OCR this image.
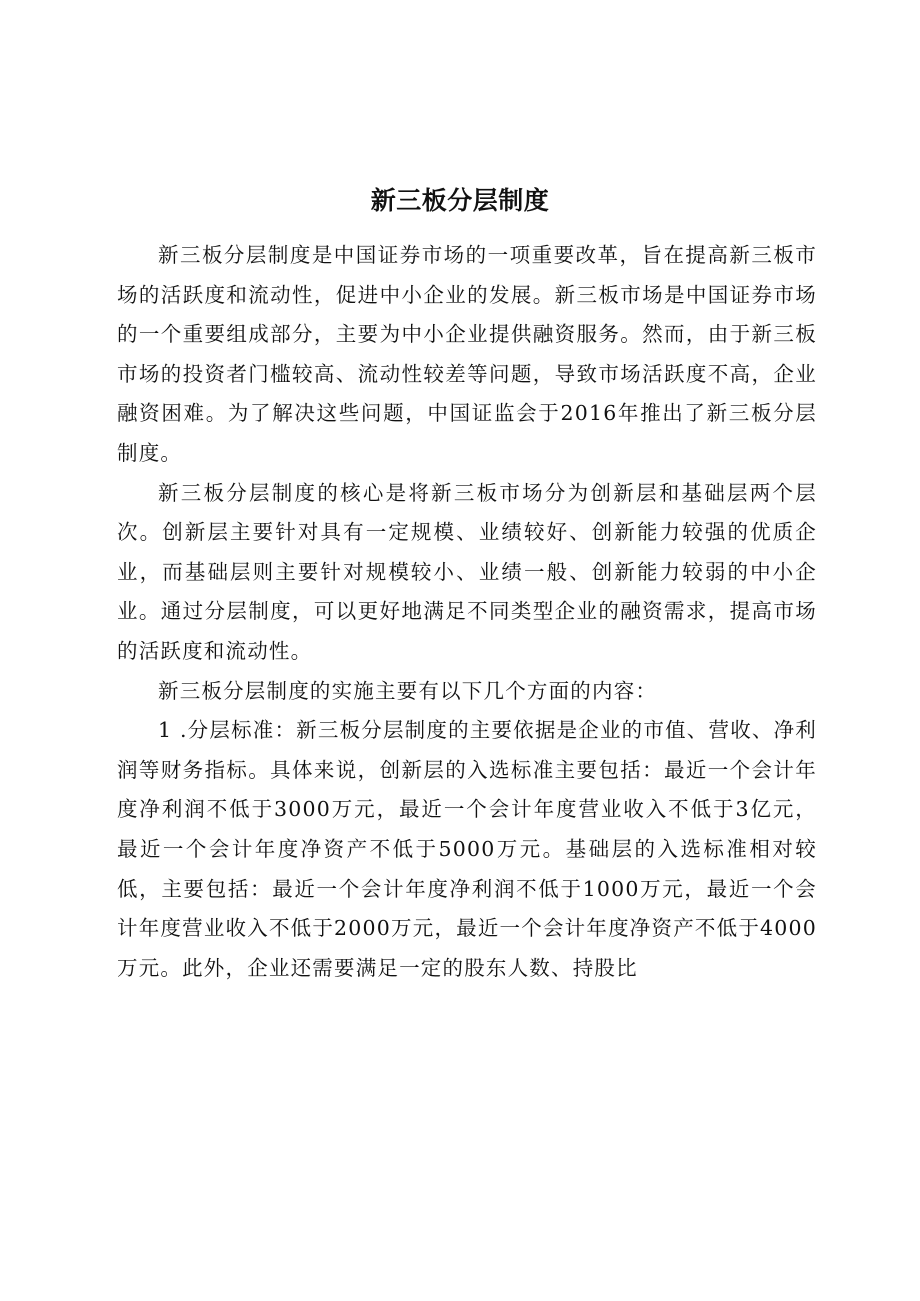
新三板分层制度

新三板分层制度是中国证券市场的一项重要改革，旨在提高新三板市场的活跃度和流动性，促进中小企业的发展。新三板市场是中国证券市场的一个重要组成部分，主要为中小企业提供融资服务。然而，由于新三板市场的投资者门槛较高、流动性较差等问题，导致市场活跃度不高，企业融资困难。为了解决这些问题，中国证监会于2016年推出了新三板分层制度。

新三板分层制度的核心是将新三板市场分为创新层和基础层两个层次。创新层主要针对具有一定规模、业绩较好、创新能力较强的优质企业，而基础层则主要针对规模较小、业绩一般、创新能力较弱的中小企业。通过分层制度，可以更好地满足不同类型企业的融资需求，提高市场的活跃度和流动性。

新三板分层制度的实施主要有以下几个方面的内容：

1 .分层标准：新三板分层制度的主要依据是企业的市值、营收、净利润等财务指标。具体来说，创新层的入选标准主要包括：最近一个会计年度净利润不低于3000万元，最近一个会计年度营业收入不低于3亿元，最近一个会计年度净资产不低于5000万元。基础层的入选标准相对较低，主要包括：最近一个会计年度净利润不低于1000万元，最近一个会计年度营业收入不低于2000万元，最近一个会计年度净资产不低于4000万元。此外，企业还需要满足一定的股东人数、持股比
